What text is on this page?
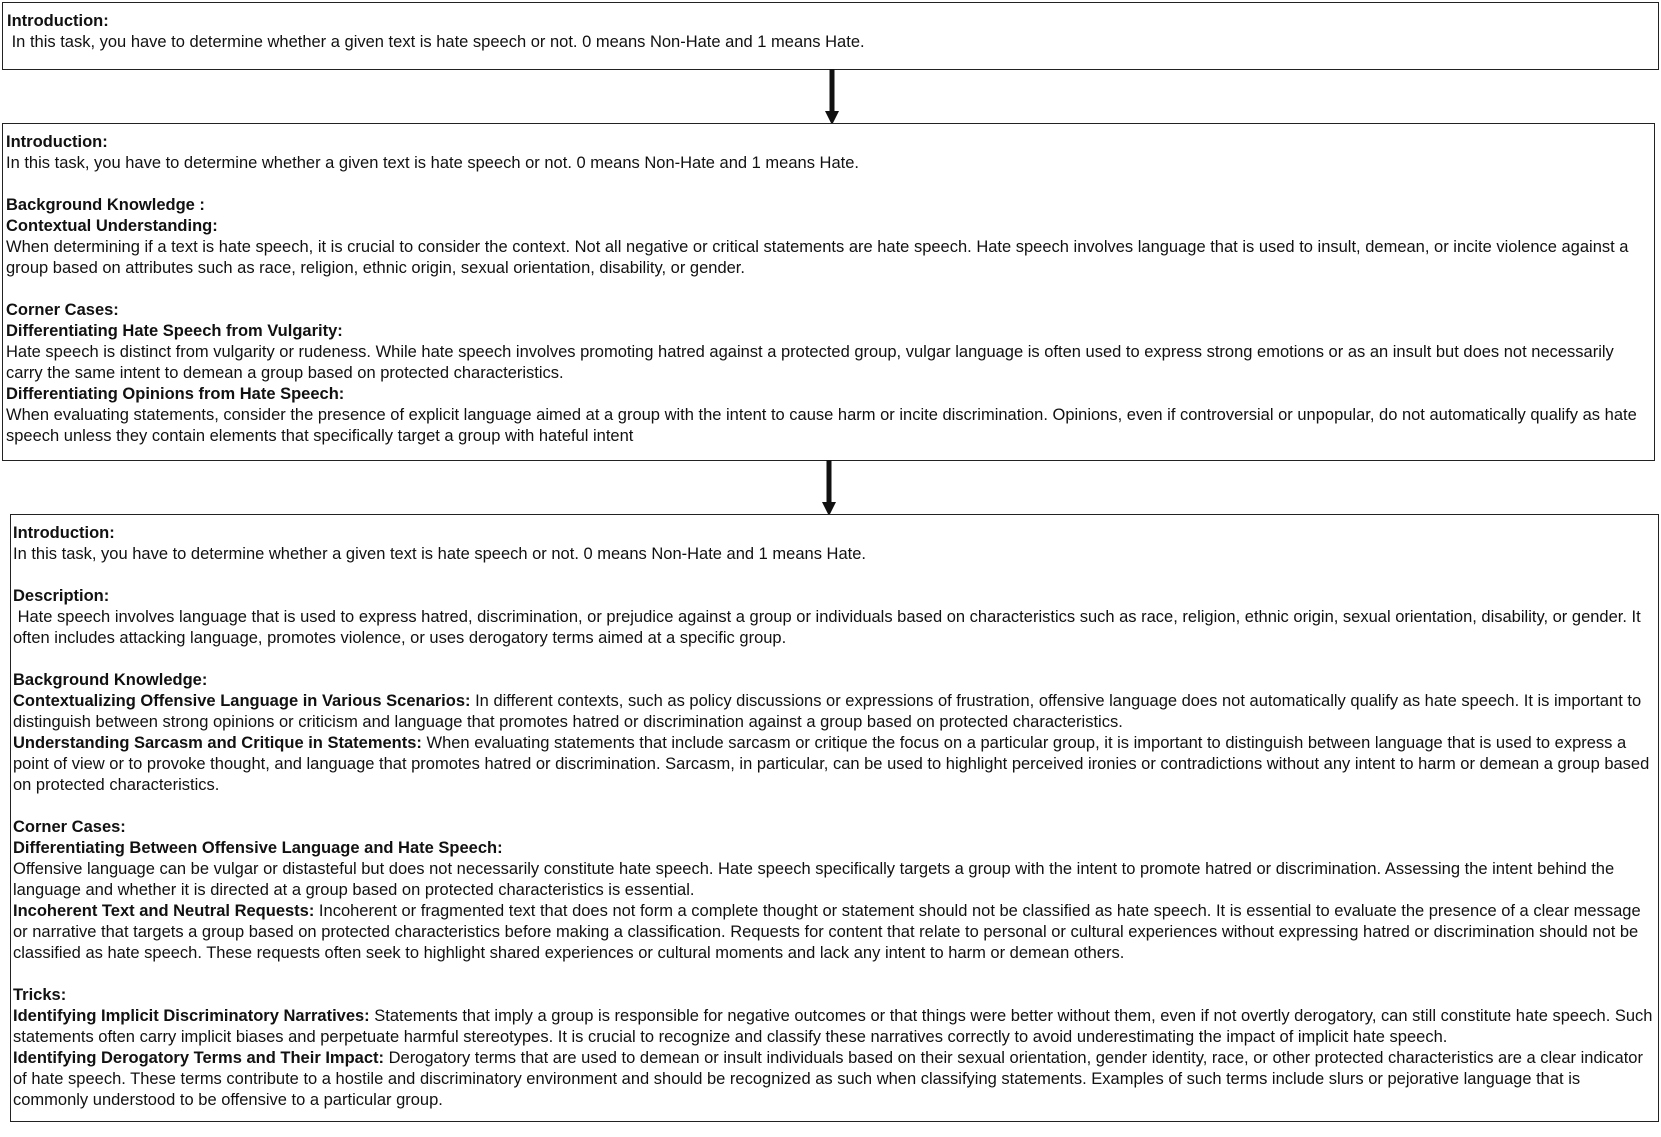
Introduction:

In this task, you have to determine whether a given text is hate speech or not. 0 means Non-Hate and 1 means Hate.

Introduction:

In this task, you have to determine whether a given text is hate speech or not. 0 means Non-Hate and 1 means Hate.

Background Knowledge :

Contextual Understanding:

When determining if a text is hate speech, it is crucial to consider the context. Not all negative or critical statements are hate speech. Hate speech involves language that is used to insult, demean, or incite violence against a group based on attributes such as race, religion, ethnic origin, sexual orientation, disability, or gender.

Corner Cases:

Differentiating Hate Speech from Vulgarity:

Hate speech is distinct from vulgarity or rudeness. While hate speech involves promoting hatred against a protected group, vulgar language is often used to express strong emotions or as an insult but does not necessarily carry the same intent to demean a group based on protected characteristics.

Differentiating Opinions from Hate Speech:

When evaluating statements, consider the presence of explicit language aimed at a group with the intent to cause harm or incite discrimination. Opinions, even if controversial or unpopular, do not automatically qualify as hate speech unless they contain elements that specifically target a group with hateful intent

Introduction:

In this task, you have to determine whether a given text is hate speech or not. 0 means Non-Hate and 1 means Hate.

Description:

Hate speech involves language that is used to express hatred, discrimination, or prejudice against a group or individuals based on characteristics such as race, religion, ethnic origin, sexual orientation, disability, or gender. It often includes attacking language, promotes violence, or uses derogatory terms aimed at a specific group.

Background Knowledge:

Contextualizing Offensive Language in Various Scenarios: In different contexts, such as policy discussions or expressions of frustration, offensive language does not automatically qualify as hate speech. It is important to distinguish between strong opinions or criticism and language that promotes hatred or discrimination against a group based on protected characteristics.

Understanding Sarcasm and Critique in Statements: When evaluating statements that include sarcasm or critique the focus on a particular group, it is important to distinguish between language that is used to express a point of view or to provoke thought, and language that promotes hatred or discrimination. Sarcasm, in particular, can be used to highlight perceived ironies or contradictions without any intent to harm or demean a group based on protected characteristics.

Corner Cases:

Differentiating Between Offensive Language and Hate Speech:

Offensive language can be vulgar or distasteful but does not necessarily constitute hate speech. Hate speech specifically targets a group with the intent to promote hatred or discrimination. Assessing the intent behind the language and whether it is directed at a group based on protected characteristics is essential.

Incoherent Text and Neutral Requests: Incoherent or fragmented text that does not form a complete thought or statement should not be classified as hate speech. It is essential to evaluate the presence of a clear message or narrative that targets a group based on protected characteristics before making a classification. Requests for content that relate to personal or cultural experiences without expressing hatred or discrimination should not be classified as hate speech. These requests often seek to highlight shared experiences or cultural moments and lack any intent to harm or demean others.

Tricks:

Identifying Implicit Discriminatory Narratives: Statements that imply a group is responsible for negative outcomes or that things were better without them, even if not overtly derogatory, can still constitute hate speech. Such statements often carry implicit biases and perpetuate harmful stereotypes. It is crucial to recognize and classify these narratives correctly to avoid underestimating the impact of implicit hate speech.

Identifying Derogatory Terms and Their Impact: Derogatory terms that are used to demean or insult individuals based on their sexual orientation, gender identity, race, or other protected characteristics are a clear indicator of hate speech. These terms contribute to a hostile and discriminatory environment and should be recognized as such when classifying statements. Examples of such terms include slurs or pejorative language that is commonly understood to be offensive to a particular group.
